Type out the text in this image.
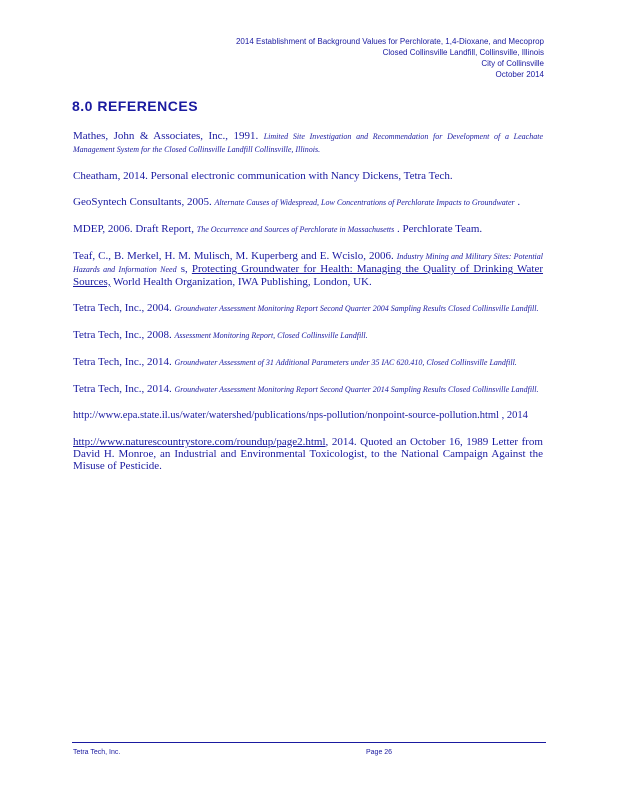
2014 Establishment of Background Values for Perchlorate, 1,4-Dioxane, and Mecoprop
Closed Collinsville Landfill, Collinsville, Illinois
City of Collinsville
October 2014
8.0 REFERENCES

Mathes, John & Associates, Inc., 1991. Limited Site Investigation and Recommendation for Development of a Leachate Management System for the Closed Collinsville Landfill Collinsville, Illinois.

Cheatham, 2014. Personal electronic communication with Nancy Dickens, Tetra Tech.

GeoSyntech Consultants, 2005. Alternate Causes of Widespread, Low Concentrations of Perchlorate Impacts to Groundwater .

MDEP, 2006. Draft Report, The Occurrence and Sources of Perchlorate in Massachusetts . Perchlorate Team.

Teaf, C., B. Merkel, H. M. Mulisch, M. Kuperberg and E. Wcislo, 2006. Industry Mining and Military Sites: Potential Hazards and Information Need s, Protecting Groundwater for Health: Managing the Quality of Drinking Water Sources, World Health Organization, IWA Publishing, London, UK.

Tetra Tech, Inc., 2004. Groundwater Assessment Monitoring Report Second Quarter 2004 Sampling Results Closed Collinsville Landfill.

Tetra Tech, Inc., 2008. Assessment Monitoring Report, Closed Collinsville Landfill.

Tetra Tech, Inc., 2014. Groundwater Assessment of 31 Additional Parameters under 35 IAC 620.410, Closed Collinsville Landfill.

Tetra Tech, Inc., 2014. Groundwater Assessment Monitoring Report Second Quarter 2014 Sampling Results Closed Collinsville Landfill.

http://www.epa.state.il.us/water/watershed/publications/nps-pollution/nonpoint-source-pollution.html , 2014

http://www.naturescountrystore.com/roundup/page2.html, 2014. Quoted an October 16, 1989 Letter from David H. Monroe, an Industrial and Environmental Toxicologist, to the National Campaign Against the Misuse of Pesticide.

Tetra Tech, Inc.	Page 26
